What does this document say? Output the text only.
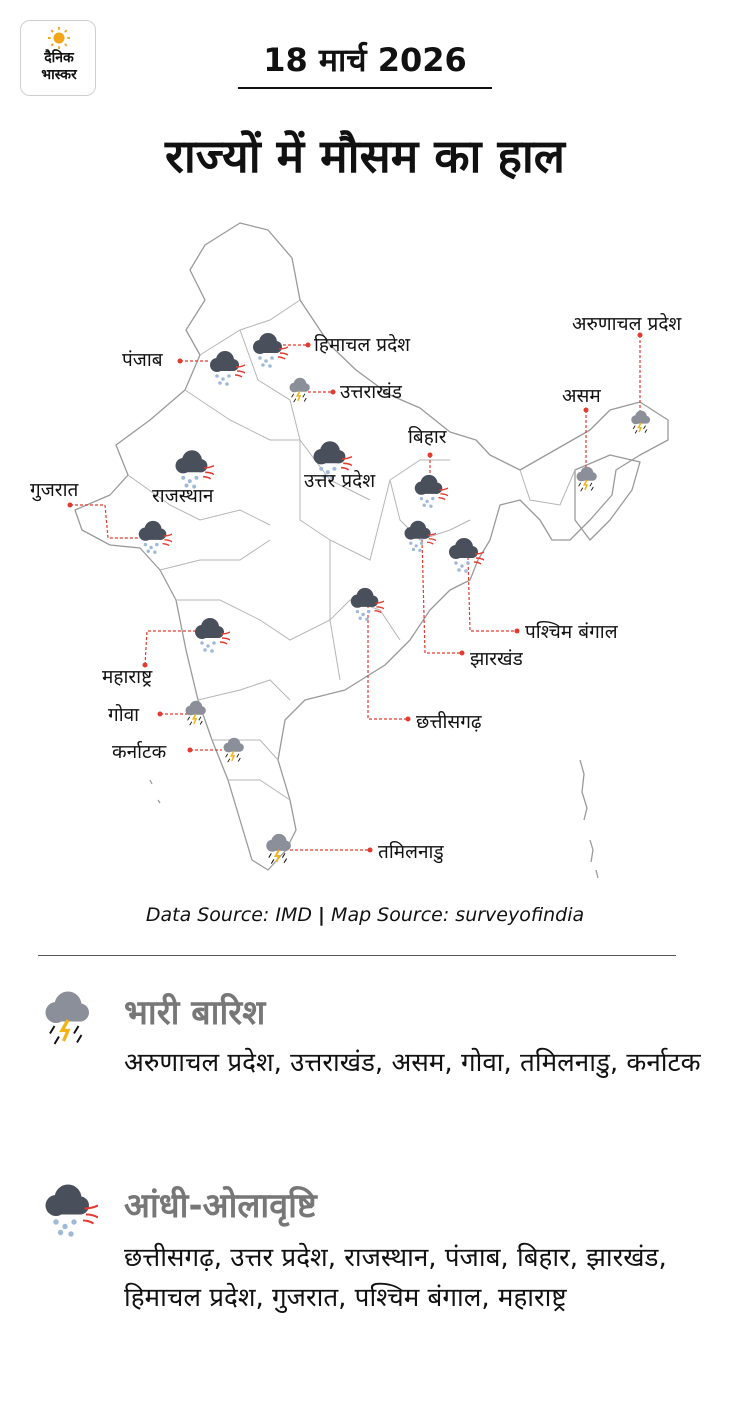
दैनिक
भास्कर	18 मार्च 2026
राज्यों में मौसम का हाल
हिमाचल प्रदेश
पंजाब
उत्तराखंड
अरुणाचल प्रदेश
असम
बिहार
गुजरात	राजस्थान
उत्तर प्रदेश
पश्चिम बंगाल
झारखंड
छत्तीसगढ़
महाराष्ट्र
गोवा
कर्नाटक
तमिलनाडु
Data Source: IMD | Map Source: surveyofindia
भारी बारिश
अरुणाचल प्रदेश, उत्तराखंड, असम, गोवा, तमिलनाडु, कर्नाटक
आंधी-ओलावृष्टि
छत्तीसगढ़, उत्तर प्रदेश, राजस्थान, पंजाब, बिहार, झारखंड, हिमाचल प्रदेश, गुजरात, पश्चिम बंगाल, महाराष्ट्र
